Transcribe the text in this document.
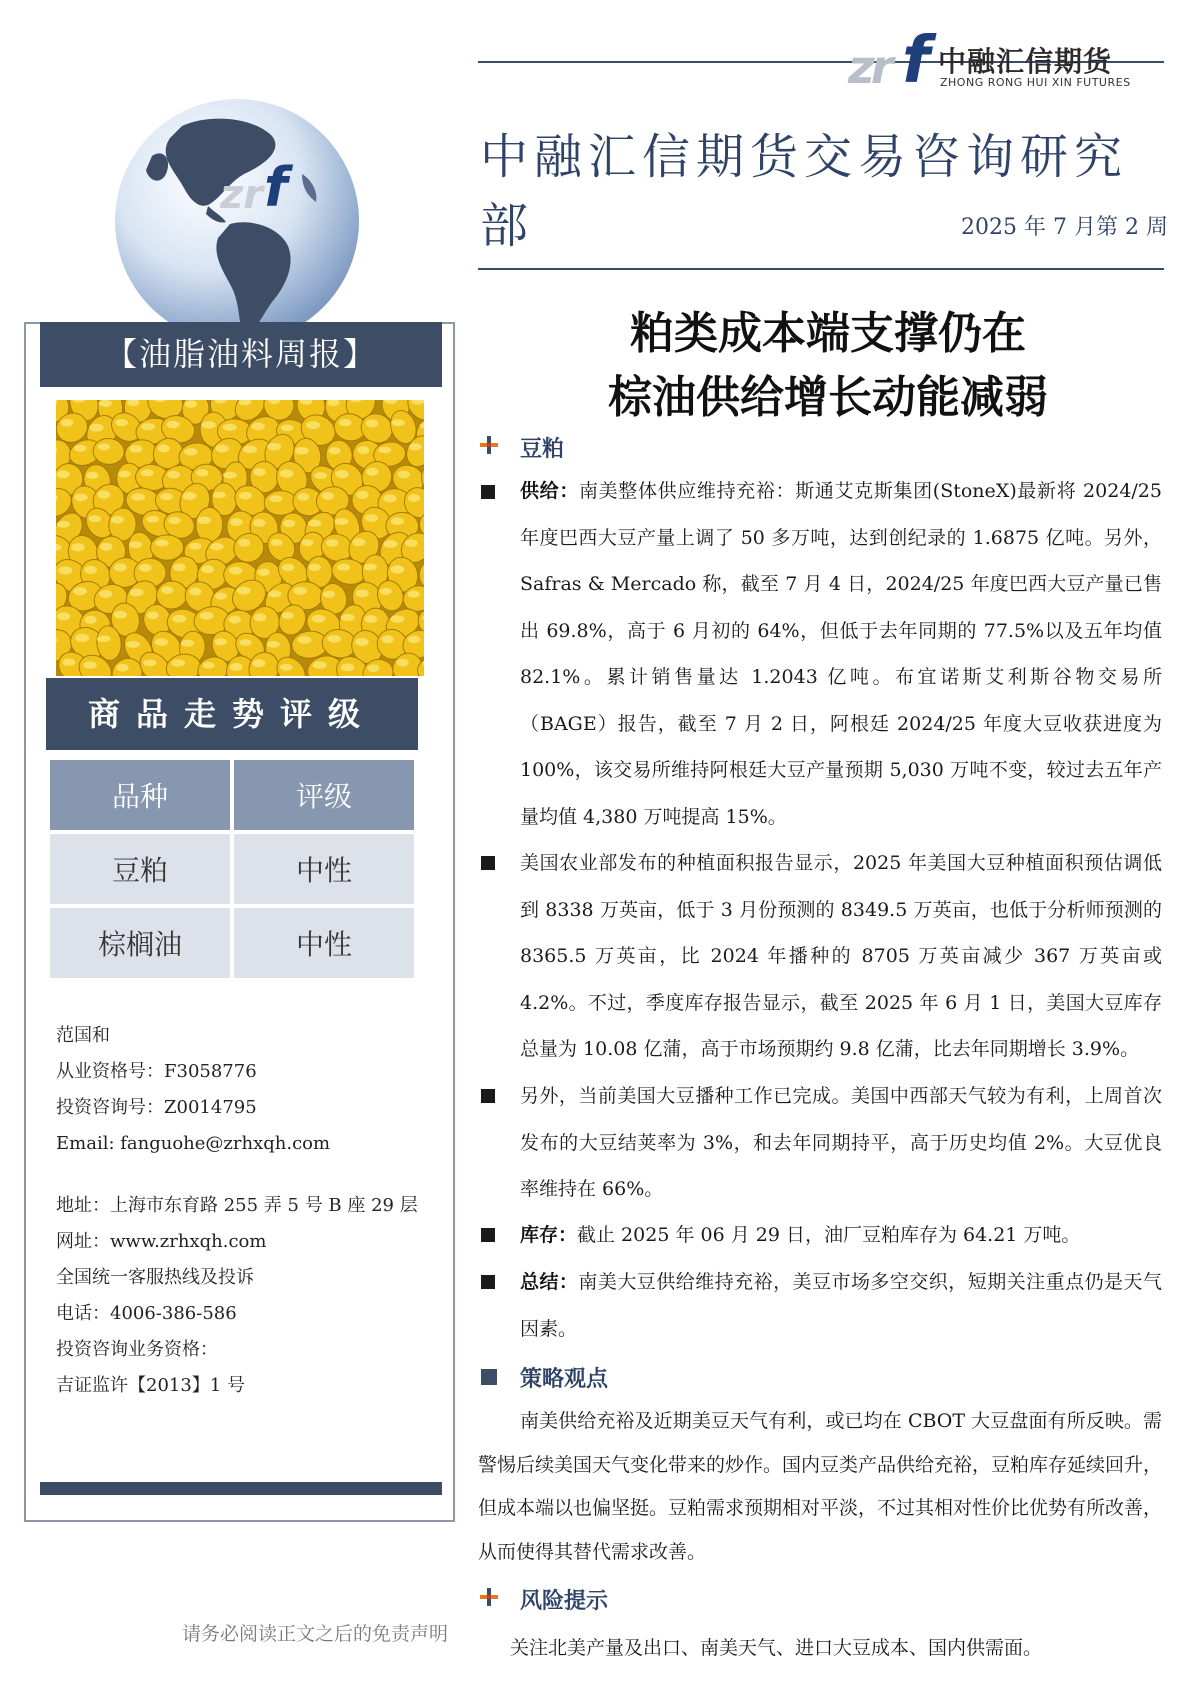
zr f 中融汇信期货
ZHONG RONG HUI XIN FUTURES
中融汇信期货交易咨询研究部	2025 年 7 月第 2 周
zr f
【油脂油料周报】
商品走势评级
品种	评级
豆粕	中性
棕榈油	中性
范国和
从业资格号：F3058776
投资咨询号：Z0014795
Email: fanguohe@zrhxqh.com
地址：上海市东育路 255 弄 5 号 B 座 29 层
网址：www.zrhxqh.com
全国统一客服热线及投诉
电话：4006-386-586
投资咨询业务资格：
吉证监许【2013】1 号
请务必阅读正文之后的免责声明
粕类成本端支撑仍在
棕油供给增长动能减弱
豆粕
供给：南美整体供应维持充裕：斯通艾克斯集团(StoneX)最新将 2024/25 年度巴西大豆产量上调了 50 多万吨，达到创纪录的 1.6875 亿吨。另外，Safras & Mercado 称，截至 7 月 4 日，2024/25 年度巴西大豆产量已售出 69.8%，高于 6 月初的 64%，但低于去年同期的 77.5%以及五年均值 82.1%。累计销售量达 1.2043 亿吨。布宜诺斯艾利斯谷物交易所（BAGE）报告，截至 7 月 2 日，阿根廷 2024/25 年度大豆收获进度为 100%，该交易所维持阿根廷大豆产量预期 5,030 万吨不变，较过去五年产量均值 4,380 万吨提高 15%。
美国农业部发布的种植面积报告显示，2025 年美国大豆种植面积预估调低到 8338 万英亩，低于 3 月份预测的 8349.5 万英亩，也低于分析师预测的 8365.5 万英亩，比 2024 年播种的 8705 万英亩减少 367 万英亩或 4.2%。不过，季度库存报告显示，截至 2025 年 6 月 1 日，美国大豆库存总量为 10.08 亿蒲，高于市场预期约 9.8 亿蒲，比去年同期增长 3.9%。
另外，当前美国大豆播种工作已完成。美国中西部天气较为有利，上周首次发布的大豆结荚率为 3%，和去年同期持平，高于历史均值 2%。大豆优良率维持在 66%。
库存：截止 2025 年 06 月 29 日，油厂豆粕库存为 64.21 万吨。
总结：南美大豆供给维持充裕，美豆市场多空交织，短期关注重点仍是天气因素。
策略观点
南美供给充裕及近期美豆天气有利，或已均在 CBOT 大豆盘面有所反映。需警惕后续美国天气变化带来的炒作。国内豆类产品供给充裕，豆粕库存延续回升，但成本端以也偏坚挺。豆粕需求预期相对平淡，不过其相对性价比优势有所改善，从而使得其替代需求改善。
风险提示
关注北美产量及出口、南美天气、进口大豆成本、国内供需面。
